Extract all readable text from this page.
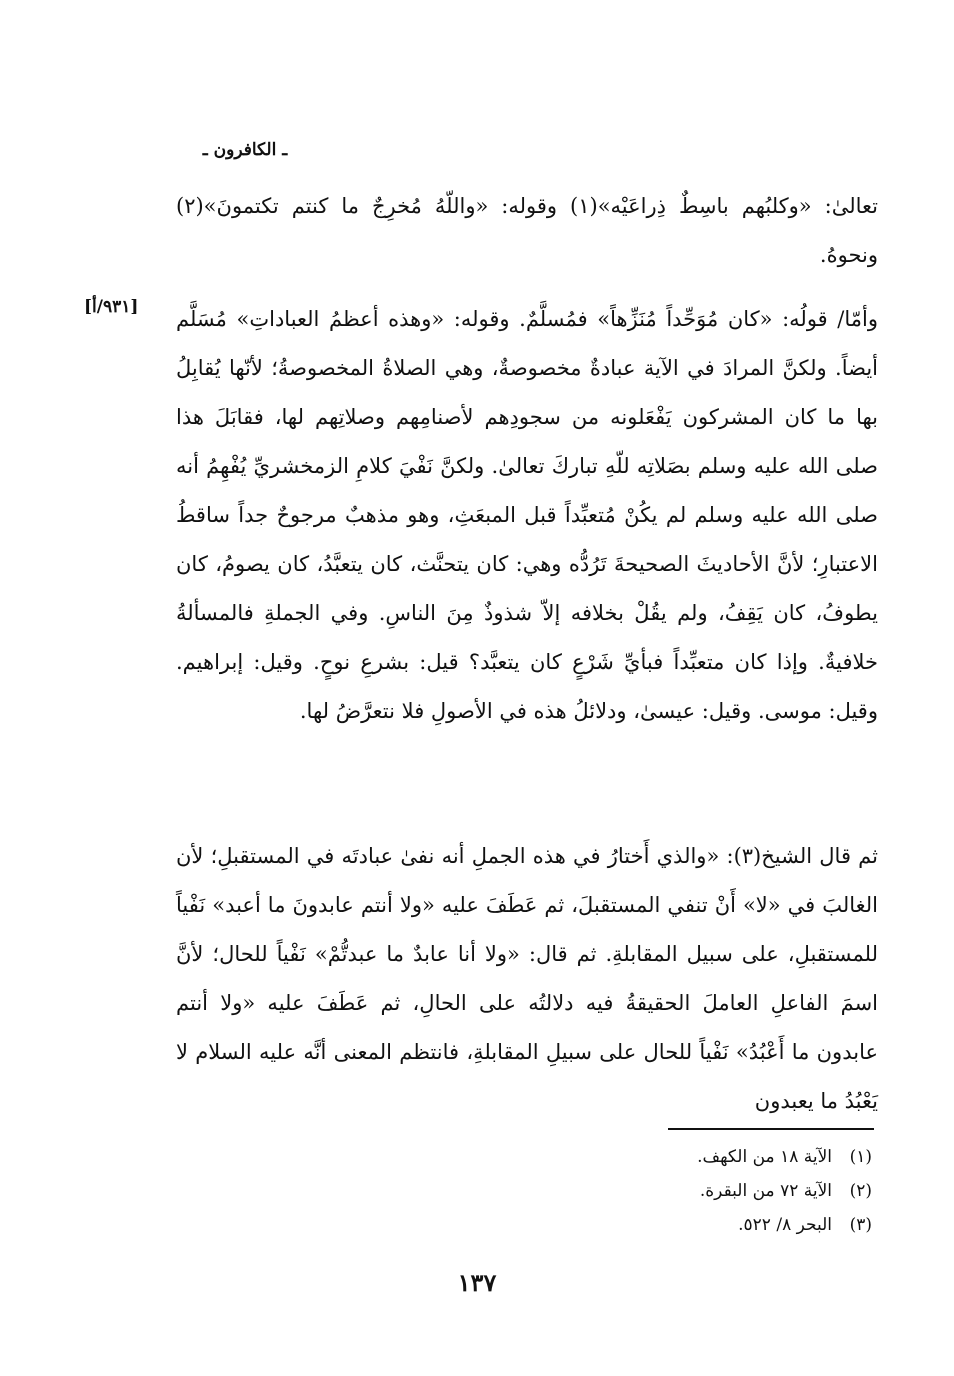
ـ الكافرون ـ
[٩٣١/أ]

تعالىٰ: «وكلبُهم باسِطٌ ذِراعَيْه»(١) وقوله: «واللّهُ مُخرِجٌ ما كنتم تكتمونَ»(٢) ونحوهُ.

وأمّا/ قولُه: «كان مُوَحِّداً مُنَزِّهاً» فمُسلَّمٌ. وقوله: «وهذه أعظمُ العباداتِ» مُسَلَّم أيضاً. ولكنَّ المرادَ في الآية عبادةٌ مخصوصةٌ، وهي الصلاةُ المخصوصةُ؛ لأنّها يُقابِلُ بها ما كان المشركون يَفْعَلونه من سجودِهم لأصنامِهم وصلاتِهم لها، فقابَلَ هذا صلى الله عليه وسلم بصَلاتِه للّهِ تباركَ تعالىٰ. ولكنَّ نَفْيَ كلامِ الزمخشريِّ يُفْهِمُ أنه صلى الله عليه وسلم لم يكُنْ مُتعبِّداً قبل المبعَثِ، وهو مذهبٌ مرجوحٌ جداً ساقطُ الاعتبارِ؛ لأنَّ الأحاديثَ الصحيحةَ تَرُدُّه وهي: كان يتحنَّث، كان يتعبَّدُ، كان يصومُ، كان يطوفُ، كان يَقِفُ، ولم يقُلْ بخلافه إلاّ شذوذٌ مِنَ الناسِ. وفي الجملةِ فالمسألةُ خلافيةٌ. وإذا كان متعبِّداً فبأيِّ شَرْعٍ كان يتعبَّد؟ قيل: بشرعِ نوحٍ. وقيل: إبراهيم. وقيل: موسى. وقيل: عيسىٰ، ودلائلُ هذه في الأصولِ فلا نتعرَّضُ لها.

ثم قال الشيخ(٣): «والذي أَختارُ في هذه الجملِ أنه نفىٰ عبادتَه في المستقبلِ؛ لأن الغالبَ في «لا» أَنْ تنفي المستقبلَ، ثم عَطَفَ عليه «ولا أنتم عابدونَ ما أعبد» نَفْياً للمستقبلِ، على سبيل المقابلةِ. ثم قال: «ولا أنا عابدٌ ما عبدتُّمْ» نَفْياً للحال؛ لأنَّ اسمَ الفاعلِ العاملَ الحقيقةُ فيه دلالتُه على الحالِ، ثم عَطَفَ عليه «ولا أنتم عابدون ما أَعْبُدُ» نَفْياً للحال على سبيلِ المقابلةِ، فانتظم المعنى أنَّه عليه السلام لا يَعْبُدُ ما يعبدون

(١)
الآية ١٨ من الكهف.
(٢)
الآية ٧٢ من البقرة.
(٣)
البحر ٨/ ٥٢٢.
١٣٧
